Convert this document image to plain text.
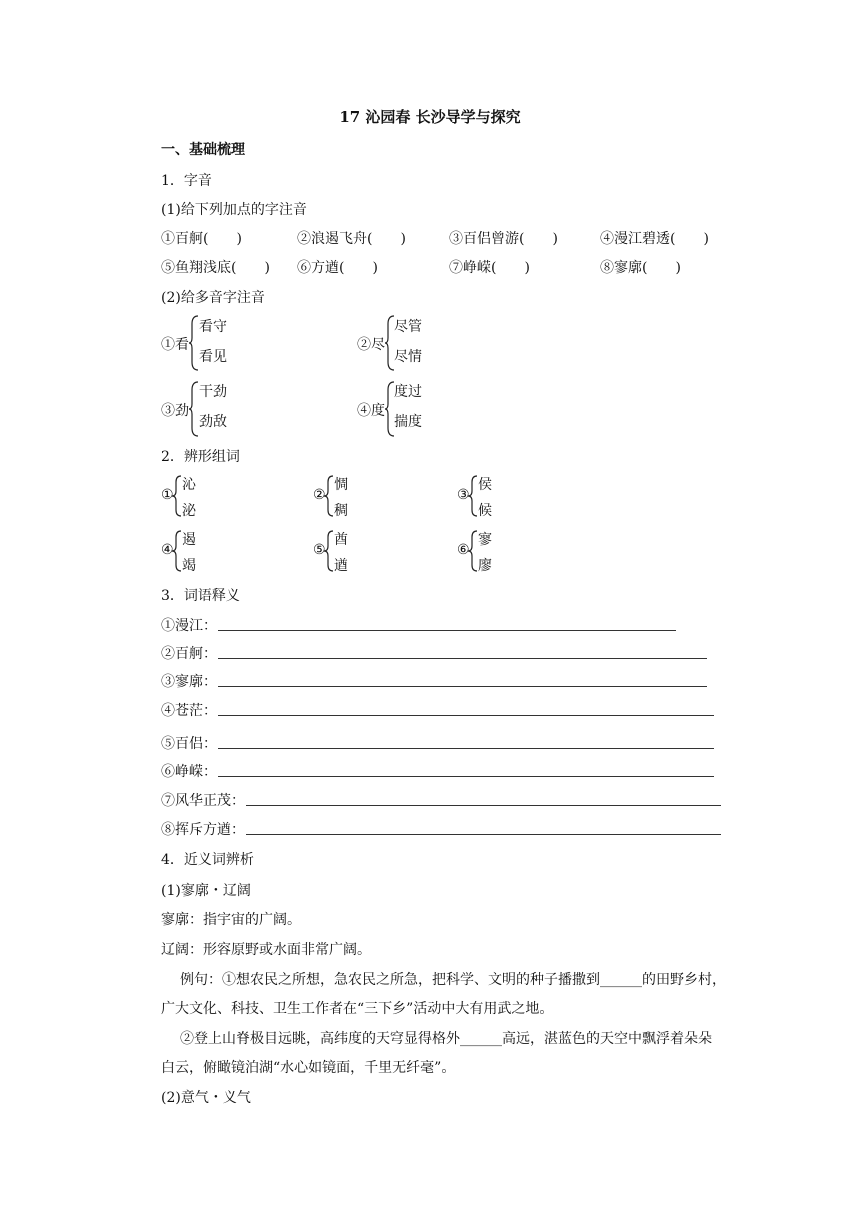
17 沁园春 长沙导学与探究
一、基础梳理
1．字音
(1)给下列加点的字注音
①百舸(　　)	②浪遏飞舟(　　)	③百侣曾游(　　)	④漫江碧透(　　)
⑤鱼翔浅底(　　) ⑥方遒(　　)	⑦峥嵘(　　)	⑧寥廓(　　)
(2)给多音字注音
①看
看守
看见
②尽
尽管
尽情
③劲
干劲
劲敌
④度
度过
揣度
2．辨形组词
①
沁
泌
②
惆
稠
③
侯
候
④
遏
竭
⑤
酋
遒
⑥
寥
廖
3．词语释义
①漫江：
②百舸：
③寥廓：
④苍茫：
⑤百侣：
⑥峥嵘：
⑦风华正茂：
⑧挥斥方遒：
4．近义词辨析
(1)寥廓・辽阔
寥廓：指宇宙的广阔。
辽阔：形容原野或水面非常广阔。
例句：①想农民之所想，急农民之所急，把科学、文明的种子播撒到______的田野乡村，
广大文化、科技、卫生工作者在“三下乡”活动中大有用武之地。
②登上山脊极目远眺，高纬度的天穹显得格外______高远，湛蓝色的天空中飘浮着朵朵
白云，俯瞰镜泊湖“水心如镜面，千里无纤毫”。
(2)意气・义气
